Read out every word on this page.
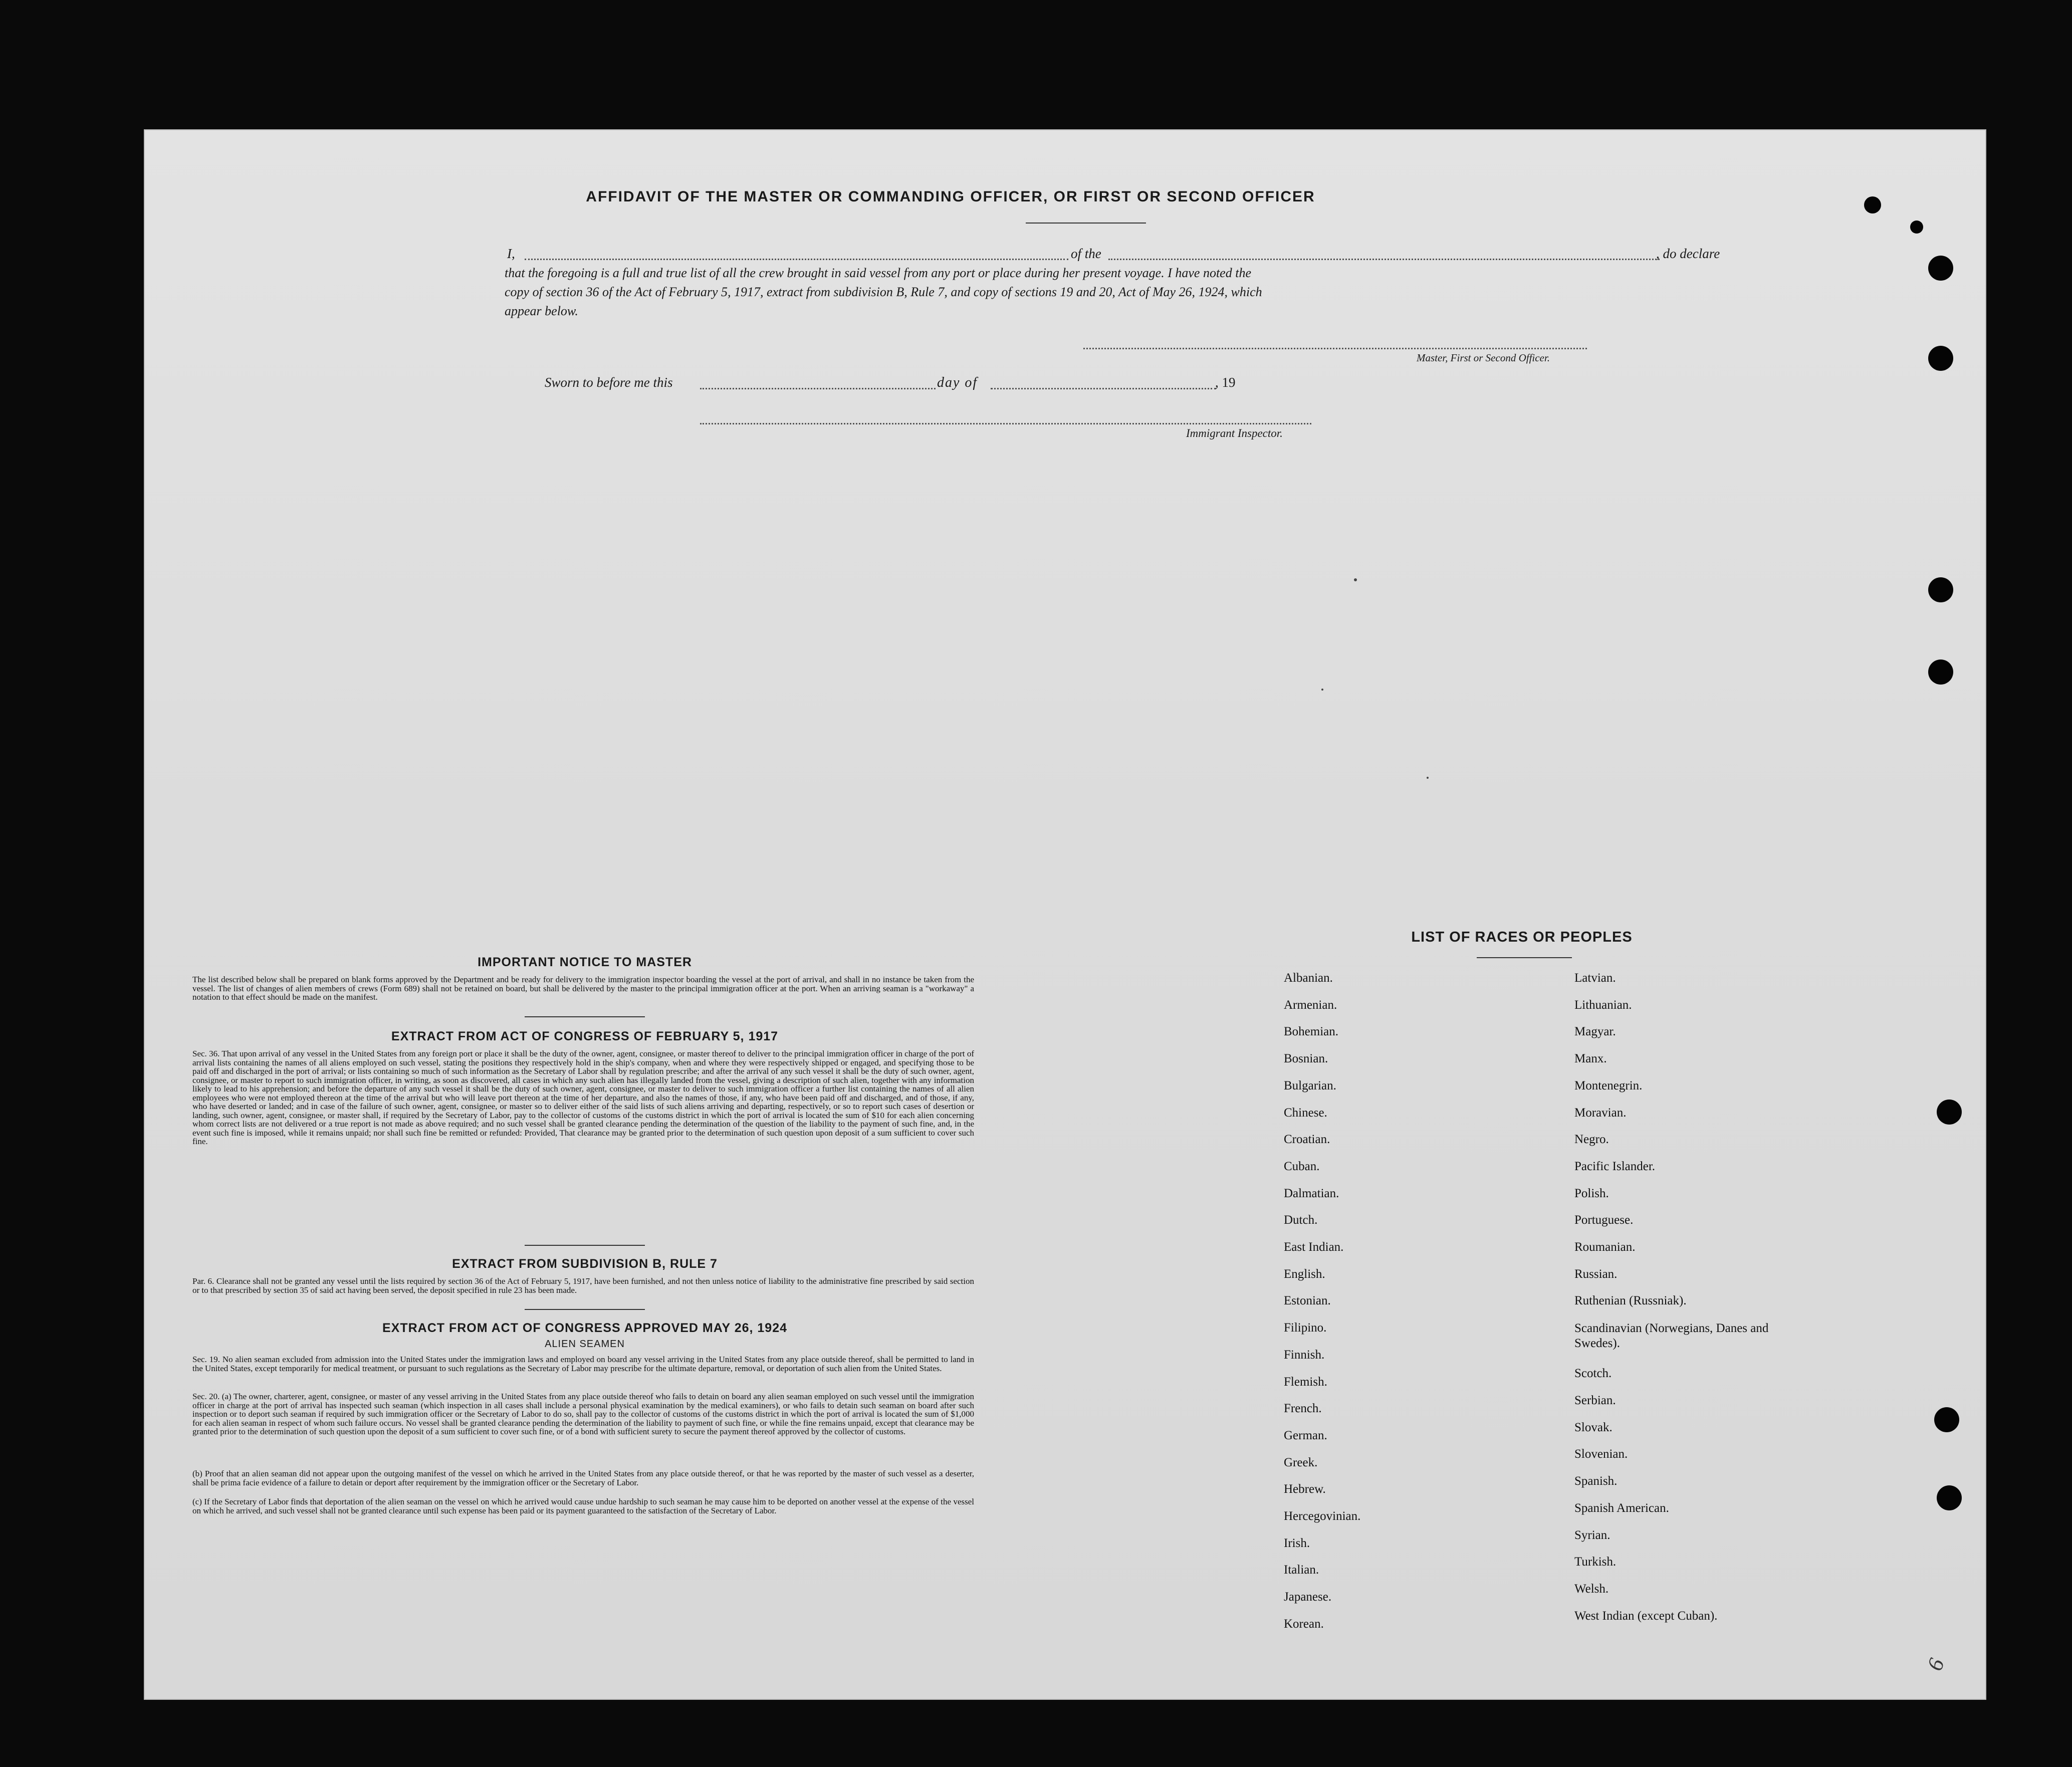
AFFIDAVIT OF THE MASTER OR COMMANDING OFFICER, OR FIRST OR SECOND OFFICER
I,	of the	, do declare
that the foregoing is a full and true list of all the crew brought in said vessel from any port or place during her present voyage. I have noted the
copy of section 36 of the Act of February 5, 1917, extract from subdivision B, Rule 7, and copy of sections 19 and 20, Act of May 26, 1924, which
appear below.
Master, First or Second Officer.
Sworn to before me this	day of	, 19
Immigrant Inspector.
IMPORTANT NOTICE TO MASTER
The list described below shall be prepared on blank forms approved by the Department and be ready for delivery to the immigration inspector boarding the vessel at the port of arrival, and shall in no instance be taken from the vessel. The list of changes of alien members of crews (Form 689) shall not be retained on board, but shall be delivered by the master to the principal immigration officer at the port. When an arriving seaman is a "workaway" a notation to that effect should be made on the manifest.
EXTRACT FROM ACT OF CONGRESS OF FEBRUARY 5, 1917
Sec. 36. That upon arrival of any vessel in the United States from any foreign port or place it shall be the duty of the owner, agent, consignee, or master thereof to deliver to the principal immigration officer in charge of the port of arrival lists containing the names of all aliens employed on such vessel, stating the positions they respectively hold in the ship's company, when and where they were respectively shipped or engaged, and specifying those to be paid off and discharged in the port of arrival; or lists containing so much of such information as the Secretary of Labor shall by regulation prescribe; and after the arrival of any such vessel it shall be the duty of such owner, agent, consignee, or master to report to such immigration officer, in writing, as soon as discovered, all cases in which any such alien has illegally landed from the vessel, giving a description of such alien, together with any information likely to lead to his apprehension; and before the departure of any such vessel it shall be the duty of such owner, agent, consignee, or master to deliver to such immigration officer a further list containing the names of all alien employees who were not employed thereon at the time of the arrival but who will leave port thereon at the time of her departure, and also the names of those, if any, who have been paid off and discharged, and of those, if any, who have deserted or landed; and in case of the failure of such owner, agent, consignee, or master so to deliver either of the said lists of such aliens arriving and departing, respectively, or so to report such cases of desertion or landing, such owner, agent, consignee, or master shall, if required by the Secretary of Labor, pay to the collector of customs of the customs district in which the port of arrival is located the sum of $10 for each alien concerning whom correct lists are not delivered or a true report is not made as above required; and no such vessel shall be granted clearance pending the determination of the question of the liability to the payment of such fine, and, in the event such fine is imposed, while it remains unpaid; nor shall such fine be remitted or refunded: Provided, That clearance may be granted prior to the determination of such question upon deposit of a sum sufficient to cover such fine.
EXTRACT FROM SUBDIVISION B, RULE 7
Par. 6. Clearance shall not be granted any vessel until the lists required by section 36 of the Act of February 5, 1917, have been furnished, and not then unless notice of liability to the administrative fine prescribed by said section or to that prescribed by section 35 of said act having been served, the deposit specified in rule 23 has been made.
EXTRACT FROM ACT OF CONGRESS APPROVED MAY 26, 1924
ALIEN SEAMEN
Sec. 19. No alien seaman excluded from admission into the United States under the immigration laws and employed on board any vessel arriving in the United States from any place outside thereof, shall be permitted to land in the United States, except temporarily for medical treatment, or pursuant to such regulations as the Secretary of Labor may prescribe for the ultimate departure, removal, or deportation of such alien from the United States.
Sec. 20. (a) The owner, charterer, agent, consignee, or master of any vessel arriving in the United States from any place outside thereof who fails to detain on board any alien seaman employed on such vessel until the immigration officer in charge at the port of arrival has inspected such seaman (which inspection in all cases shall include a personal physical examination by the medical examiners), or who fails to detain such seaman on board after such inspection or to deport such seaman if required by such immigration officer or the Secretary of Labor to do so, shall pay to the collector of customs of the customs district in which the port of arrival is located the sum of $1,000 for each alien seaman in respect of whom such failure occurs. No vessel shall be granted clearance pending the determination of the liability to payment of such fine, or while the fine remains unpaid, except that clearance may be granted prior to the determination of such question upon the deposit of a sum sufficient to cover such fine, or of a bond with sufficient surety to secure the payment thereof approved by the collector of customs.
(b) Proof that an alien seaman did not appear upon the outgoing manifest of the vessel on which he arrived in the United States from any place outside thereof, or that he was reported by the master of such vessel as a deserter, shall be prima facie evidence of a failure to detain or deport after requirement by the immigration officer or the Secretary of Labor.
(c) If the Secretary of Labor finds that deportation of the alien seaman on the vessel on which he arrived would cause undue hardship to such seaman he may cause him to be deported on another vessel at the expense of the vessel on which he arrived, and such vessel shall not be granted clearance until such expense has been paid or its payment guaranteed to the satisfaction of the Secretary of Labor.
LIST OF RACES OR PEOPLES
6
Albanian.
Armenian.
Bohemian.
Bosnian.
Bulgarian.
Chinese.
Croatian.
Cuban.
Dalmatian.
Dutch.
East Indian.
English.
Estonian.
Filipino.
Finnish.
Flemish.
French.
German.
Greek.
Hebrew.
Hercegovinian.
Irish.
Italian.
Japanese.
Korean.
Latvian.
Lithuanian.
Magyar.
Manx.
Montenegrin.
Moravian.
Negro.
Pacific Islander.
Polish.
Portuguese.
Roumanian.
Russian.
Ruthenian (Russniak).
Scandinavian (Norwegians, Danes and Swedes).
Scotch.
Serbian.
Slovak.
Slovenian.
Spanish.
Spanish American.
Syrian.
Turkish.
Welsh.
West Indian (except Cuban).
